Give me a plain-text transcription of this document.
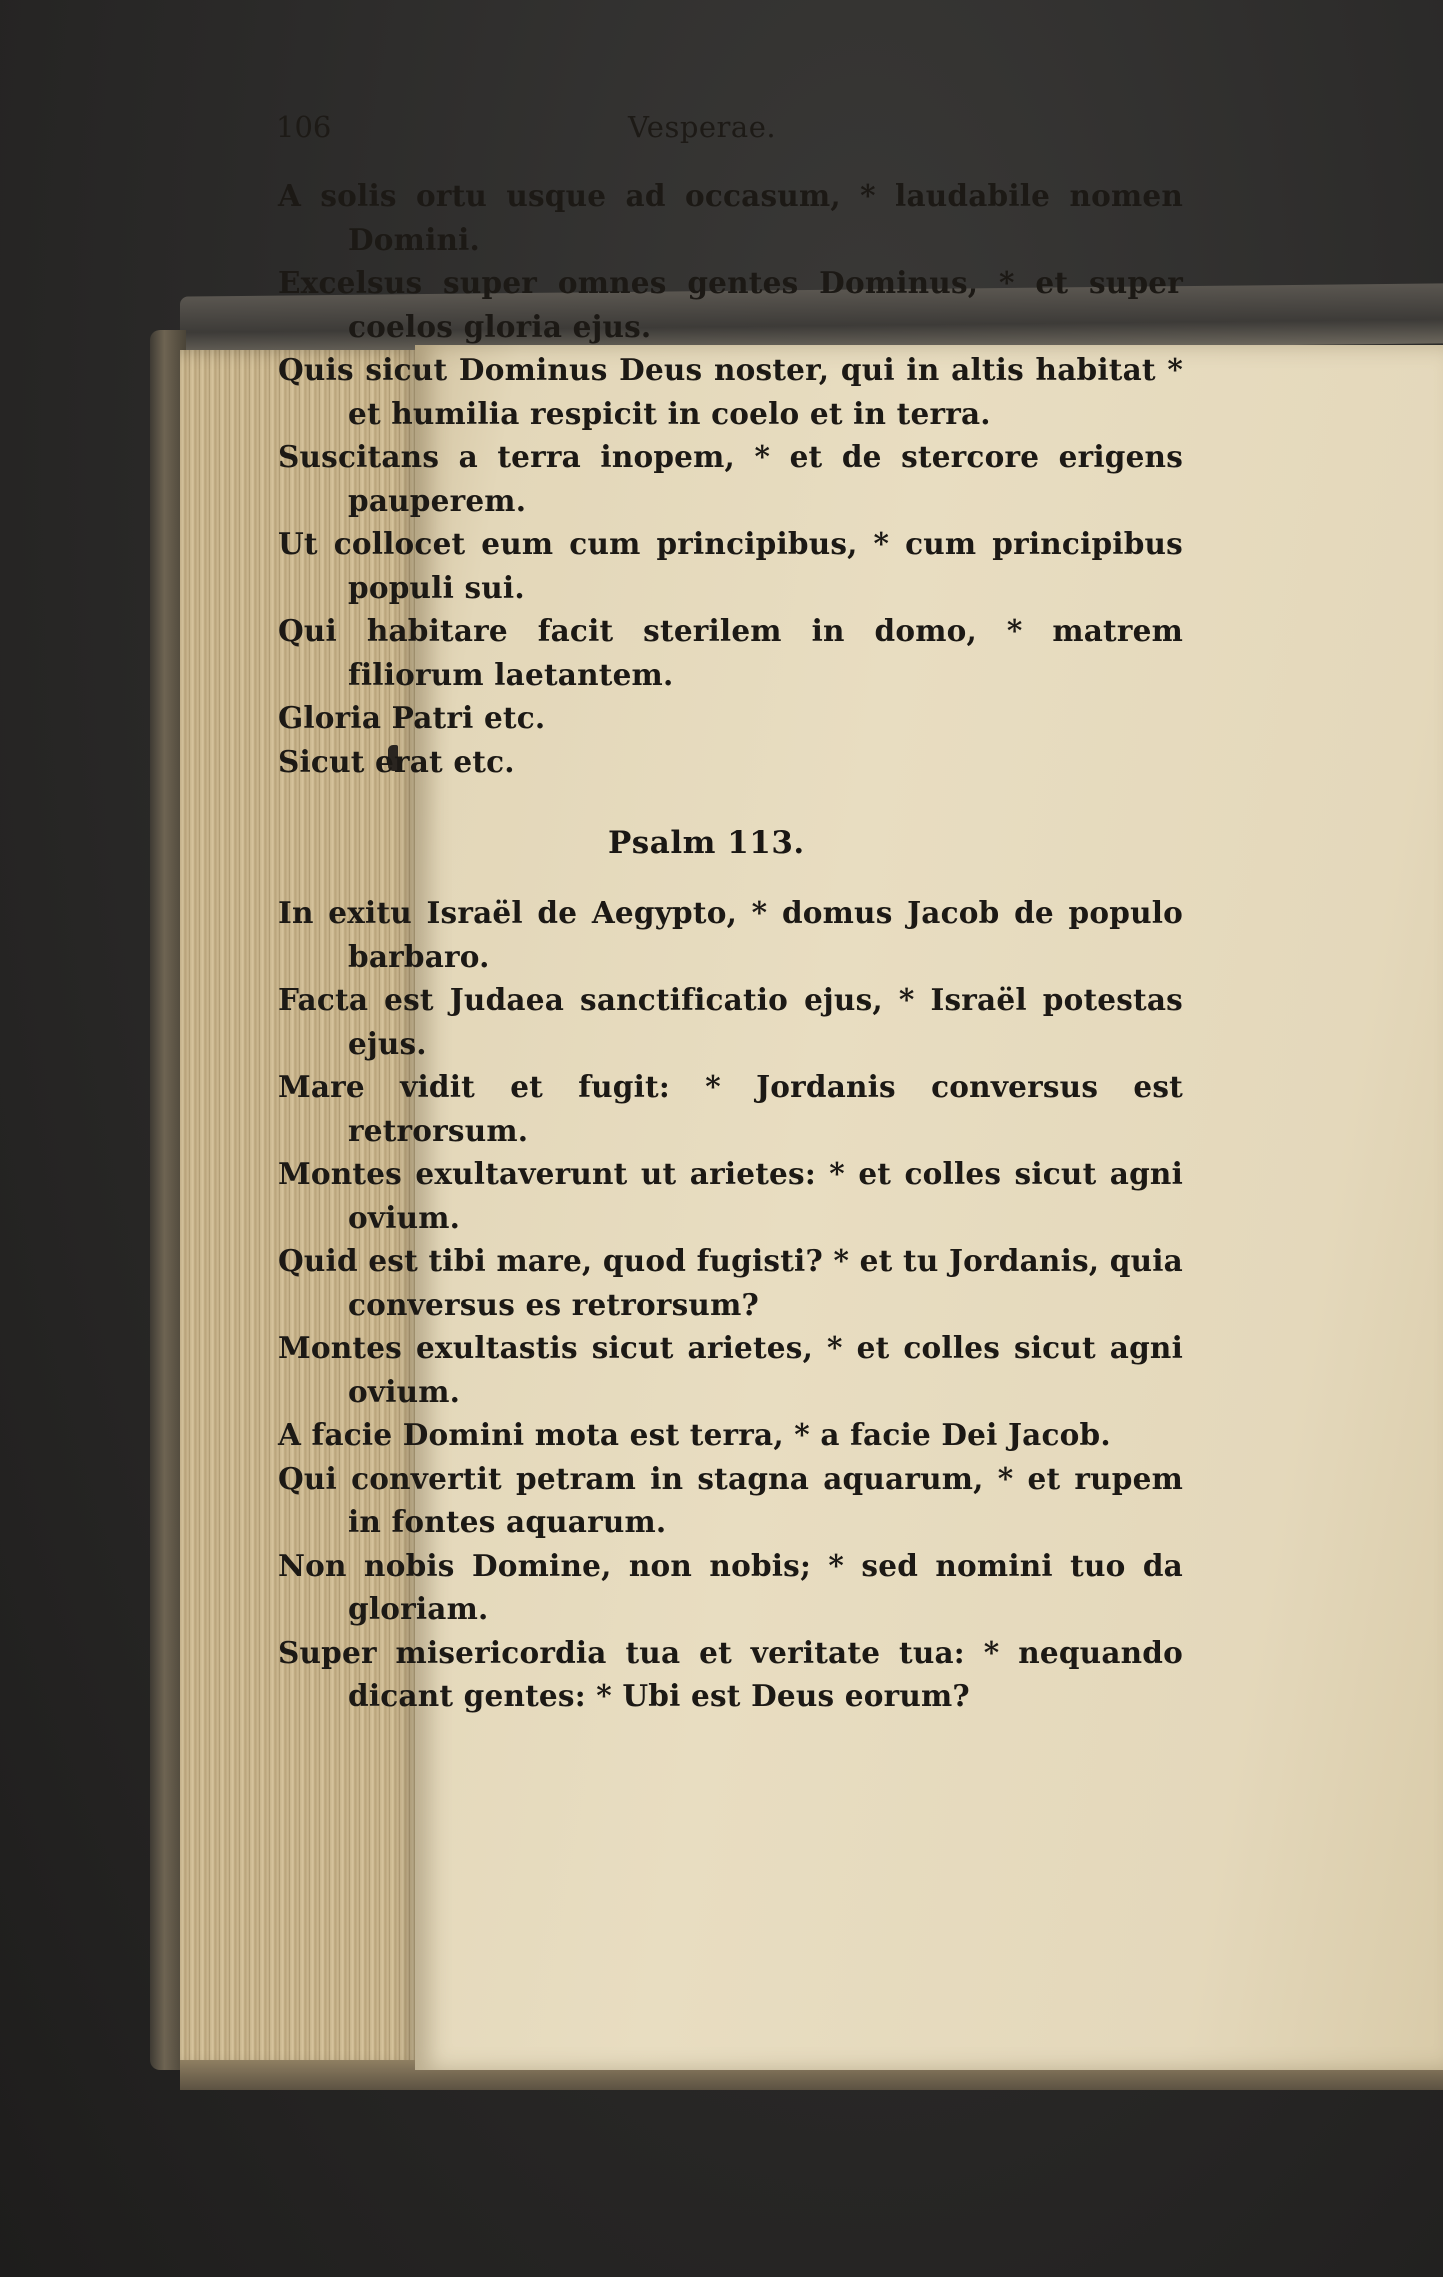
106	Vesperae.
A solis ortu usque ad occasum, * laudabile nomen Domini.
Excelsus super omnes gentes Dominus, * et super coelos gloria ejus.
Quis sicut Dominus Deus noster, qui in altis habitat * et humilia respicit in coelo et in terra.
Suscitans a terra inopem, * et de stercore erigens pauperem.
Ut collocet eum cum principibus, * cum principibus populi sui.
Qui habitare facit sterilem in domo, * matrem filiorum laetantem.
Gloria Patri etc.
Sicut erat etc.
Psalm 113.
In exitu Israël de Aegypto, * domus Jacob de populo barbaro.
Facta est Judaea sanctificatio ejus, * Israël potestas ejus.
Mare vidit et fugit: * Jordanis conversus est retrorsum.
Montes exultaverunt ut arietes: * et colles sicut agni ovium.
Quid est tibi mare, quod fugisti? * et tu Jordanis, quia conversus es retrorsum?
Montes exultastis sicut arietes, * et colles sicut agni ovium.
A facie Domini mota est terra, * a facie Dei Jacob.
Qui convertit petram in stagna aquarum, * et rupem in fontes aquarum.
Non nobis Domine, non nobis; * sed nomini tuo da gloriam.
Super misericordia tua et veritate tua: * nequando dicant gentes: * Ubi est Deus eorum?
